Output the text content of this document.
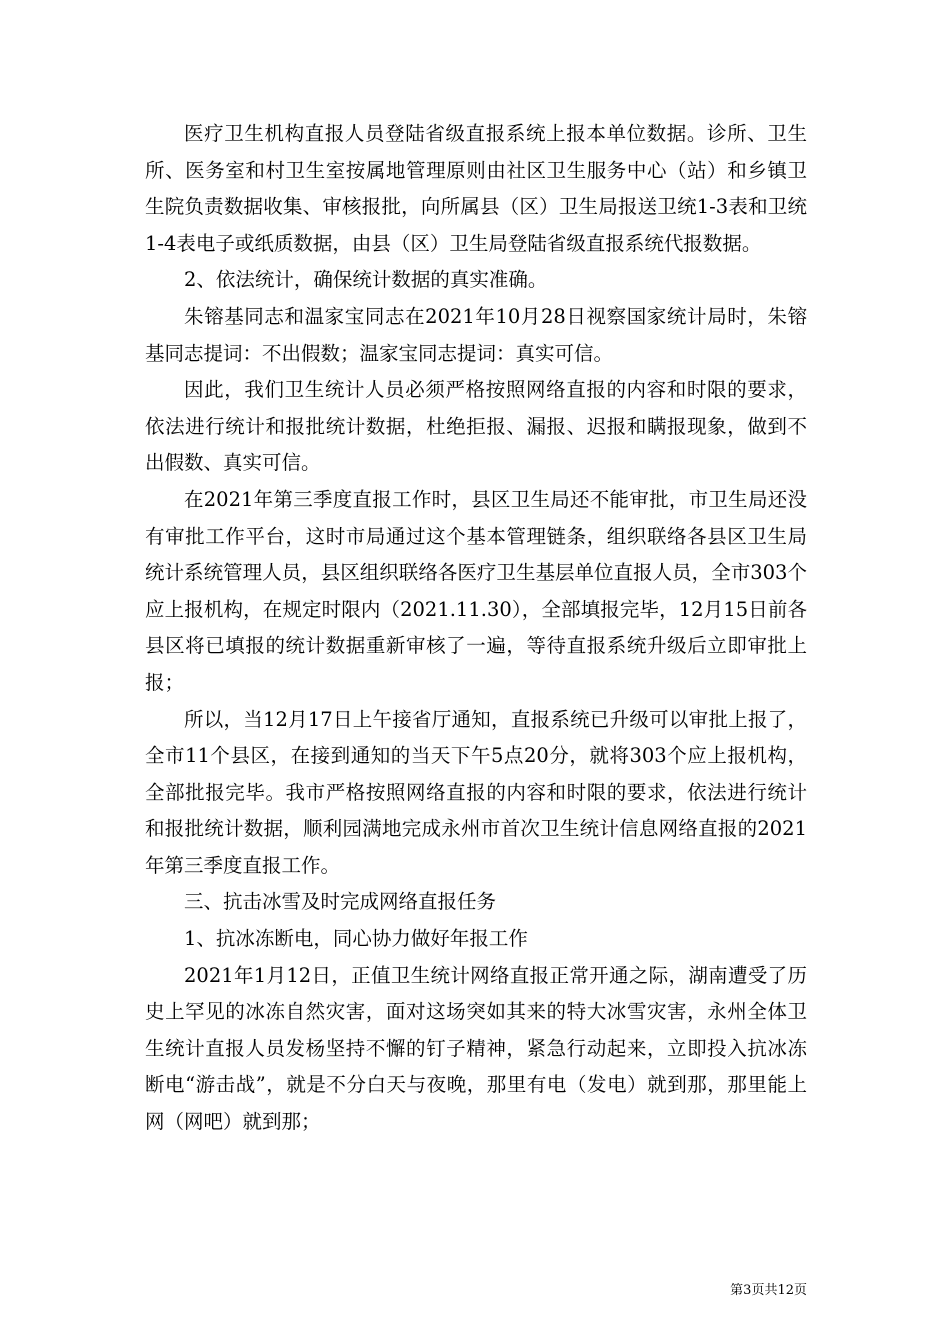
医疗卫生机构直报人员登陆省级直报系统上报本单位数据。诊所、卫生所、医务室和村卫生室按属地管理原则由社区卫生服务中心（站）和乡镇卫生院负责数据收集、审核报批，向所属县（区）卫生局报送卫统1-3表和卫统1-4表电子或纸质数据，由县（区）卫生局登陆省级直报系统代报数据。

2、依法统计，确保统计数据的真实准确。

朱镕基同志和温家宝同志在2021年10月28日视察国家统计局时，朱镕基同志提词：不出假数；温家宝同志提词：真实可信。

因此，我们卫生统计人员必须严格按照网络直报的内容和时限的要求，依法进行统计和报批统计数据，杜绝拒报、漏报、迟报和瞒报现象，做到不出假数、真实可信。

在2021年第三季度直报工作时，县区卫生局还不能审批，市卫生局还没有审批工作平台，这时市局通过这个基本管理链条，组织联络各县区卫生局统计系统管理人员，县区组织联络各医疗卫生基层单位直报人员，全市303个应上报机构，在规定时限内（2021.11.30），全部填报完毕，12月15日前各县区将已填报的统计数据重新审核了一遍，等待直报系统升级后立即审批上报；

所以，当12月17日上午接省厅通知，直报系统已升级可以审批上报了，全市11个县区，在接到通知的当天下午5点20分，就将303个应上报机构，全部批报完毕。我市严格按照网络直报的内容和时限的要求，依法进行统计和报批统计数据，顺利园满地完成永州市首次卫生统计信息网络直报的2021年第三季度直报工作。

三、抗击冰雪及时完成网络直报任务

1、抗冰冻断电，同心协力做好年报工作

2021年1月12日，正值卫生统计网络直报正常开通之际，湖南遭受了历史上罕见的冰冻自然灾害，面对这场突如其来的特大冰雪灾害，永州全体卫生统计直报人员发杨坚持不懈的钉子精神，紧急行动起来，立即投入抗冰冻断电“游击战”，就是不分白天与夜晚，那里有电（发电）就到那，那里能上网（网吧）就到那；

第3页共12页
